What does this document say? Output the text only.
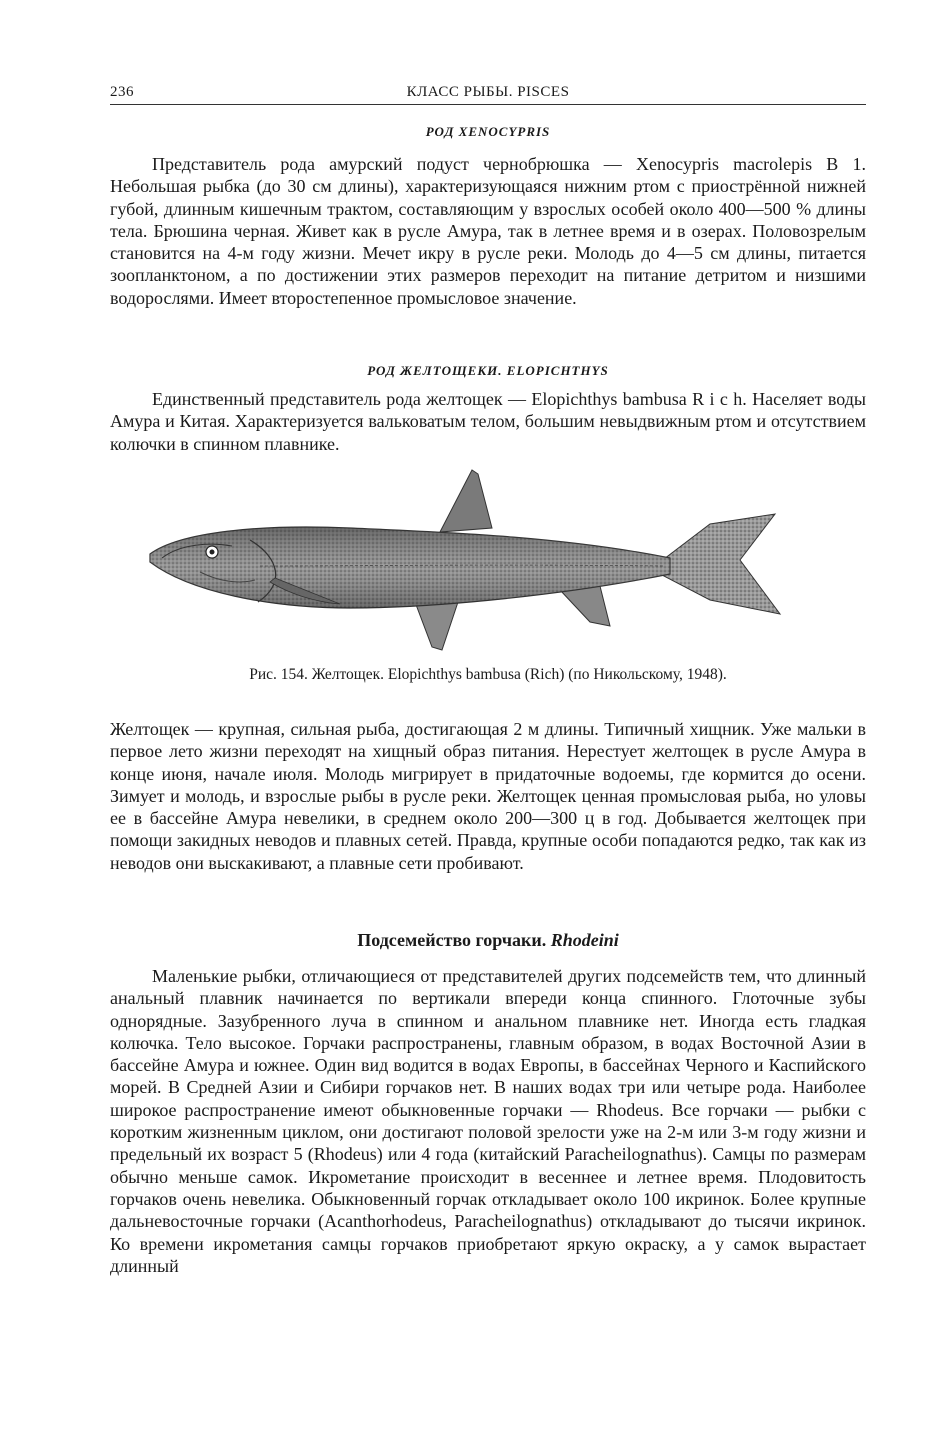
236	КЛАСС РЫБЫ. PISCES
РОД XENOCYPRIS

Представитель рода амурский подуст чернобрюшка — Xenocypris macrolepis B 1. Небольшая рыбка (до 30 см длины), характеризующаяся нижним ртом с приострённой нижней губой, длинным кишечным трактом, составляющим у взрослых особей около 400—500 % длины тела. Брюшина черная. Живет как в русле Амура, так в летнее время и в озерах. Половозрелым становится на 4-м году жизни. Мечет икру в русле реки. Молодь до 4—5 см длины, питается зоопланктоном, а по достижении этих размеров переходит на питание детритом и низшими водорослями. Имеет второстепенное промысловое значение.

РОД ЖЕЛТОЩЕКИ. ELOPICHTHYS

Единственный представитель рода желтощек — Elopichthys bambusa R i c h. Населяет воды Амура и Китая. Характеризуется вальковатым телом, большим невыдвижным ртом и отсутствием колючки в спинном плавнике.

Рис. 154. Желтощек. Elopichthys bambusa (Rich) (по Никольскому, 1948).

Желтощек — крупная, сильная рыба, достигающая 2 м длины. Типичный хищник. Уже мальки в первое лето жизни переходят на хищный образ питания. Нерестует желтощек в русле Амура в конце июня, начале июля. Молодь мигрирует в придаточные водоемы, где кормится до осени. Зимует и молодь, и взрослые рыбы в русле реки. Желтощек ценная промысловая рыба, но уловы ее в бассейне Амура невелики, в среднем около 200—300 ц в год. Добывается желтощек при помощи закидных неводов и плавных сетей. Правда, крупные особи попадаются редко, так как из неводов они выскакивают, а плавные сети пробивают.

Подсемейство горчаки. Rhodeini

Маленькие рыбки, отличающиеся от представителей других подсемейств тем, что длинный анальный плавник начинается по вертикали впереди конца спинного. Глоточные зубы однорядные. Зазубренного луча в спинном и анальном плавнике нет. Иногда есть гладкая колючка. Тело высокое. Горчаки распространены, главным образом, в водах Восточной Азии в бассейне Амура и южнее. Один вид водится в водах Европы, в бассейнах Черного и Каспийского морей. В Средней Азии и Сибири горчаков нет. В наших водах три или четыре рода. Наиболее широкое распространение имеют обыкновенные горчаки — Rhodeus. Все горчаки — рыбки с коротким жизненным циклом, они достигают половой зрелости уже на 2-м или 3-м году жизни и предельный их возраст 5 (Rhodeus) или 4 года (китайский Paracheilognathus). Самцы по размерам обычно меньше самок. Икрометание происходит в весеннее и летнее время. Плодовитость горчаков очень невелика. Обыкновенный горчак откладывает около 100 икринок. Более крупные дальневосточные горчаки (Acanthorhodeus, Paracheilognathus) откладывают до тысячи икринок. Ко времени икрометания самцы горчаков приобретают яркую окраску, а у самок вырастает длинный
